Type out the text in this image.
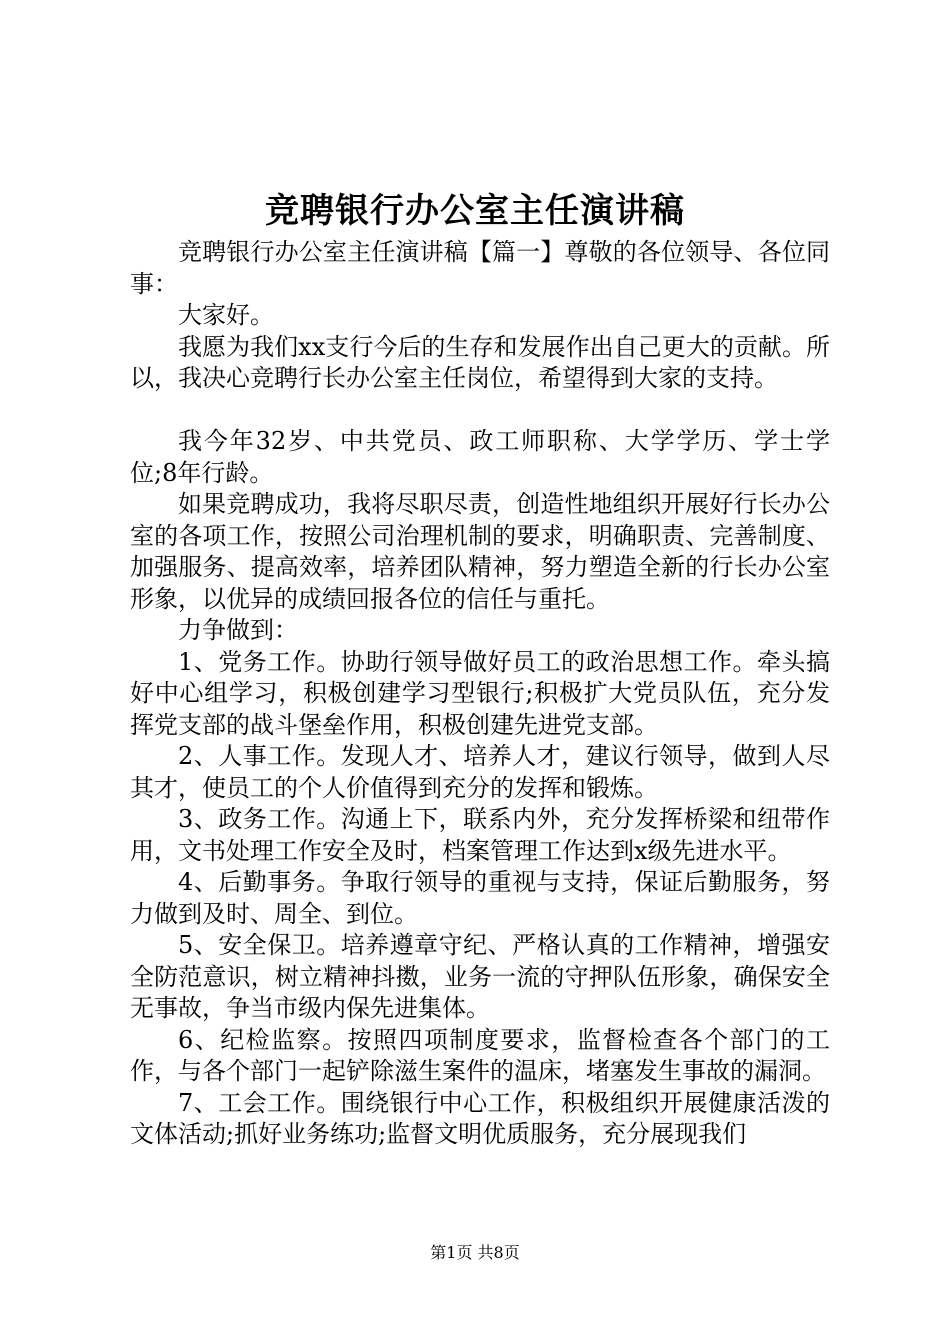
竞聘银行办公室主任演讲稿

竞聘银行办公室主任演讲稿【篇一】尊敬的各位领导、各位同事：

大家好。

我愿为我们xx支行今后的生存和发展作出自己更大的贡献。所以，我决心竞聘行长办公室主任岗位，希望得到大家的支持。

我今年32岁、中共党员、政工师职称、大学学历、学士学位;8年行龄。

如果竞聘成功，我将尽职尽责，创造性地组织开展好行长办公室的各项工作，按照公司治理机制的要求，明确职责、完善制度、加强服务、提高效率，培养团队精神，努力塑造全新的行长办公室形象，以优异的成绩回报各位的信任与重托。

力争做到：

1、党务工作。协助行领导做好员工的政治思想工作。牵头搞好中心组学习，积极创建学习型银行;积极扩大党员队伍，充分发挥党支部的战斗堡垒作用，积极创建先进党支部。

2、人事工作。发现人才、培养人才，建议行领导，做到人尽其才，使员工的个人价值得到充分的发挥和锻炼。

3、政务工作。沟通上下，联系内外，充分发挥桥梁和纽带作用，文书处理工作安全及时，档案管理工作达到x级先进水平。

4、后勤事务。争取行领导的重视与支持，保证后勤服务，努力做到及时、周全、到位。

5、安全保卫。培养遵章守纪、严格认真的工作精神，增强安全防范意识，树立精神抖擞，业务一流的守押队伍形象，确保安全无事故，争当市级内保先进集体。

6、纪检监察。按照四项制度要求，监督检查各个部门的工作，与各个部门一起铲除滋生案件的温床，堵塞发生事故的漏洞。

7、工会工作。围绕银行中心工作，积极组织开展健康活泼的文体活动;抓好业务练功;监督文明优质服务，充分展现我们

第1页 共8页
